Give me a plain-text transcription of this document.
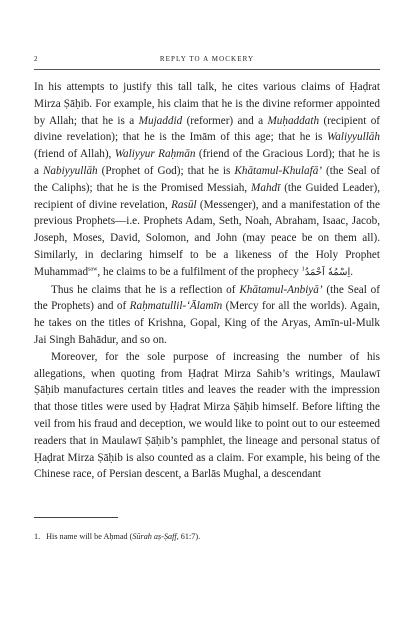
2	REPLY TO A MOCKERY

In his attempts to justify this tall talk, he cites various claims of Ḥaḍrat Mirza Ṣāḥib. For example, his claim that he is the divine reformer appointed by Allah; that he is a Mujaddid (reformer) and a Muḥaddath (recipient of divine revelation); that he is the Imām of this age; that he is Waliyyullāh (friend of Allah), Waliyyur Raḥmān (friend of the Gracious Lord); that he is a Nabiyyullāh (Prophet of God); that he is Khātamul-Khulafā’ (the Seal of the Caliphs); that he is the Promised Messiah, Mahdī (the Guided Leader), recipient of divine revelation, Rasūl (Messenger), and a manifestation of the previous Prophets—i.e. Prophets Adam, Seth, Noah, Abraham, Isaac, Jacob, Joseph, Moses, David, Solomon, and John (may peace be on them all). Similarly, in declaring himself to be a likeness of the Holy Prophet Muhammad$^{saw}$, he claims to be a fulfilment of the prophecy $^1$اِسْمُهٗ اَحْمَدُ.

Thus he claims that he is a reflection of Khātamul-Anbiyā’ (the Seal of the Prophets) and of Raḥmatullil-‘Ālamīn (Mercy for all the worlds). Again, he takes on the titles of Krishna, Gopal, King of the Aryas, Amīn-ul-Mulk Jai Singh Bahādur, and so on.

Moreover, for the sole purpose of increasing the number of his allegations, when quoting from Ḥaḍrat Mirza Sahib’s writings, Maulawī Ṣāḥib manufactures certain titles and leaves the reader with the impression that those titles were used by Ḥaḍrat Mirza Ṣāḥib himself. Before lifting the veil from his fraud and deception, we would like to point out to our esteemed readers that in Maulawī Ṣāḥib’s pamphlet, the lineage and personal status of Ḥaḍrat Mirza Ṣāḥib is also counted as a claim. For example, his being of the Chinese race, of Persian descent, a Barlās Mughal, a descendant

1. His name will be Aḥmad (Sūrah aṣ-Ṣaff, 61:7).
